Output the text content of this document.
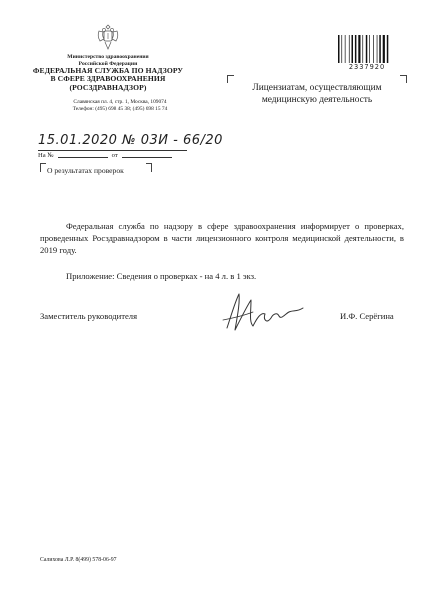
Министерство здравоохранения
Российской Федерации
ФЕДЕРАЛЬНАЯ СЛУЖБА ПО НАДЗОРУ
В СФЕРЕ ЗДРАВООХРАНЕНИЯ
(РОСЗДРАВНАДЗОР)
Славянская пл. 4, стр. 1, Москва, 109074
Телефон: (495) 698 45 38; (495) 698 15 74
2337920
Лицензиатам, осуществляющим
медицинскую деятельность
15.01.2020 № 03И - 66/20
На №	от
О результатах проверок
Федеральная служба по надзору в сфере здравоохранения информирует о проверках, проведенных Росздравнадзором в части лицензионного контроля медицинской деятельности, в 2019 году.
Приложение: Сведения о проверках - на 4 л. в 1 экз.
Заместитель руководителя	И.Ф. Серёгина
Салихова Л.Р. 8(499) 578-06-97
